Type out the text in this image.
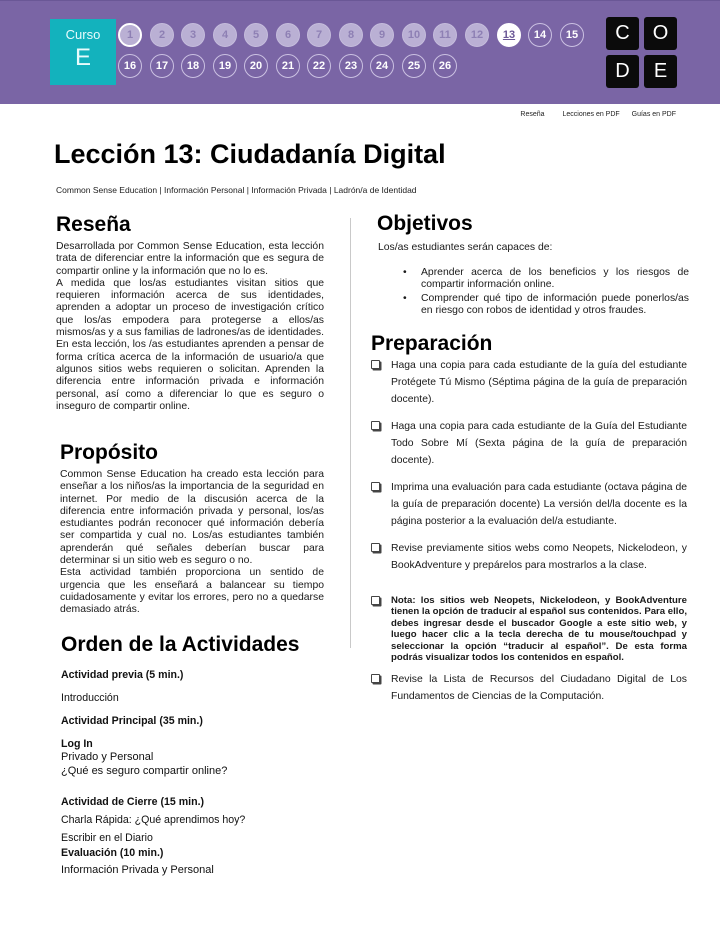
Curso
E
1	2	3	4	5	6	7	8	9	10	11	12	13	14	15
16	17	18	19	20	21	22	23	24	25	26
C	O
D	E
Reseña	Lecciones en PDF Guías en PDF
Lección 13: Ciudadanía Digital
Common Sense Education | Información Personal | Información Privada | Ladrón/a de Identidad
Reseña

Desarrollada por Common Sense Education, esta lección trata de diferenciar entre la información que es segura de compartir online y la información que no lo es.

A medida que los/as estudiantes visitan sitios que requieren información acerca de sus identidades, aprenden a adoptar un proceso de investigación crítico que los/as empodera para protegerse a ellos/as mismos/as y a sus familias de ladrones/as de identidades. En esta lección, los /as estudiantes aprenden a pensar de forma crítica acerca de la información de usuario/a que algunos sitios webs requieren o solicitan. Aprenden la diferencia entre información privada e información personal, así como a diferenciar lo que es seguro o inseguro de compartir online.

Propósito

Common Sense Education ha creado esta lección para enseñar a los niños/as la importancia de la seguridad en internet. Por medio de la discusión acerca de la diferencia entre información privada y personal, los/as estudiantes podrán reconocer qué información debería ser compartida y cual no. Los/as estudiantes también aprenderán qué señales deberían buscar para determinar si un sitio web es seguro o no.

Esta actividad también proporciona un sentido de urgencia que les enseñará a balancear su tiempo cuidadosamente y evitar los errores, pero no a quedarse demasiado atrás.

Orden de la Actividades
Actividad previa (5 min.)
Introducción
Actividad Principal (35 min.)
Log In
Privado y Personal
¿Qué es seguro compartir online?
Actividad de Cierre (15 min.)
Charla Rápida: ¿Qué aprendimos hoy?
Escribir en el Diario
Evaluación (10 min.)
Información Privada y Personal
Objetivos
Los/as estudiantes serán capaces de:
• Aprender acerca de los beneficios y los riesgos de compartir información online.
• Comprender qué tipo de información puede ponerlos/as en riesgo con robos de identidad y otros fraudes.
Preparación
Haga una copia para cada estudiante de la guía del estudiante Protégete Tú Mismo (Séptima página de la guía de preparación docente).
Haga una copia para cada estudiante de la Guía del Estudiante Todo Sobre Mí (Sexta página de la guía de preparación docente).
Imprima una evaluación para cada estudiante (octava página de la guía de preparación docente) La versión del/la docente es la página posterior a la evaluación del/a estudiante.
Revise previamente sitios webs como Neopets, Nickelodeon, y BookAdventure y prepárelos para mostrarlos a la clase.
Nota: los sitios web Neopets, Nickelodeon, y BookAdventure tienen la opción de traducir al español sus contenidos. Para ello, debes ingresar desde el buscador Google a este sitio web, y luego hacer clic a la tecla derecha de tu mouse/touchpad y seleccionar la opción “traducir al español”. De esta forma podrás visualizar todos los contenidos en español.
Revise la Lista de Recursos del Ciudadano Digital de Los Fundamentos de Ciencias de la Computación.
